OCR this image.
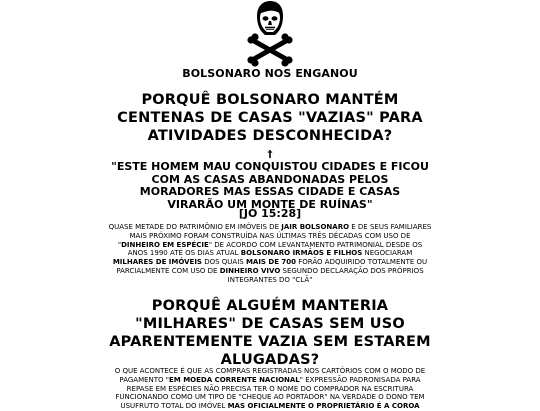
BOLSONARO NOS ENGANOU
PORQUÊ BOLSONARO MANTÉM CENTENAS DE CASAS "VAZIAS" PARA ATIVIDADES DESCONHECIDA?
†

"ESTE HOMEM MAU CONQUISTOU CIDADES E FICOU COM AS CASAS ABANDONADAS PELOS MORADORES MAS ESSAS CIDADE E CASAS VIRARÃO UM MONTE DE RUÍNAS"

[JÓ 15:28]

QUASE METADE DO PATRIMÔNIO EM IMÓVEIS DE JAIR BOLSONARO E DE SEUS FAMILIARES MAIS PRÓXIMO FORAM CONSTRUÍDA NAS ÚLTIMAS TRÊS DÉCADAS COM USO DE "DINHEIRO EM ESPÉCIE" DE ACORDO COM LEVANTAMENTO PATRIMONIAL DESDE OS ANOS 1990 ATÉ OS DIAS ATUAL BOLSONARO IRMÃOS E FILHOS NEGOCIARAM MILHARES DE IMÓVEIS DOS QUAIS MAIS DE 700 FORÃO ADQUIRIDO TOTALMENTE OU PARCIALMENTE COM USO DE DINHEIRO VIVO SEGUNDO DECLARAÇÃO DOS PRÓPRIOS INTEGRANTES DO "CLÃ"

PORQUÊ ALGUÉM MANTERIA "MILHARES" DE CASAS SEM USO APARENTEMENTE VAZIA SEM ESTAREM ALUGADAS?

O QUE ACONTECE É QUE AS COMPRAS REGISTRADAS NOS CARTÓRIOS COM O MODO DE PAGAMENTO "EM MOEDA CORRENTE NACIONAL" EXPRESSÃO PADRONISADA PARA REPASE EM ESPÉCIES NÃO PRECISA TER O NOME DO COMPRADOR NA ESCRITURA FUNCIONANDO COMO UM TIPO DE "CHEQUE AO PORTADOR" NA VERDADE O DONO TEM USUFRUTO TOTAL DO IMÓVEL MAS OFICIALMENTE O PROPRIETÁRIO É A COROA
